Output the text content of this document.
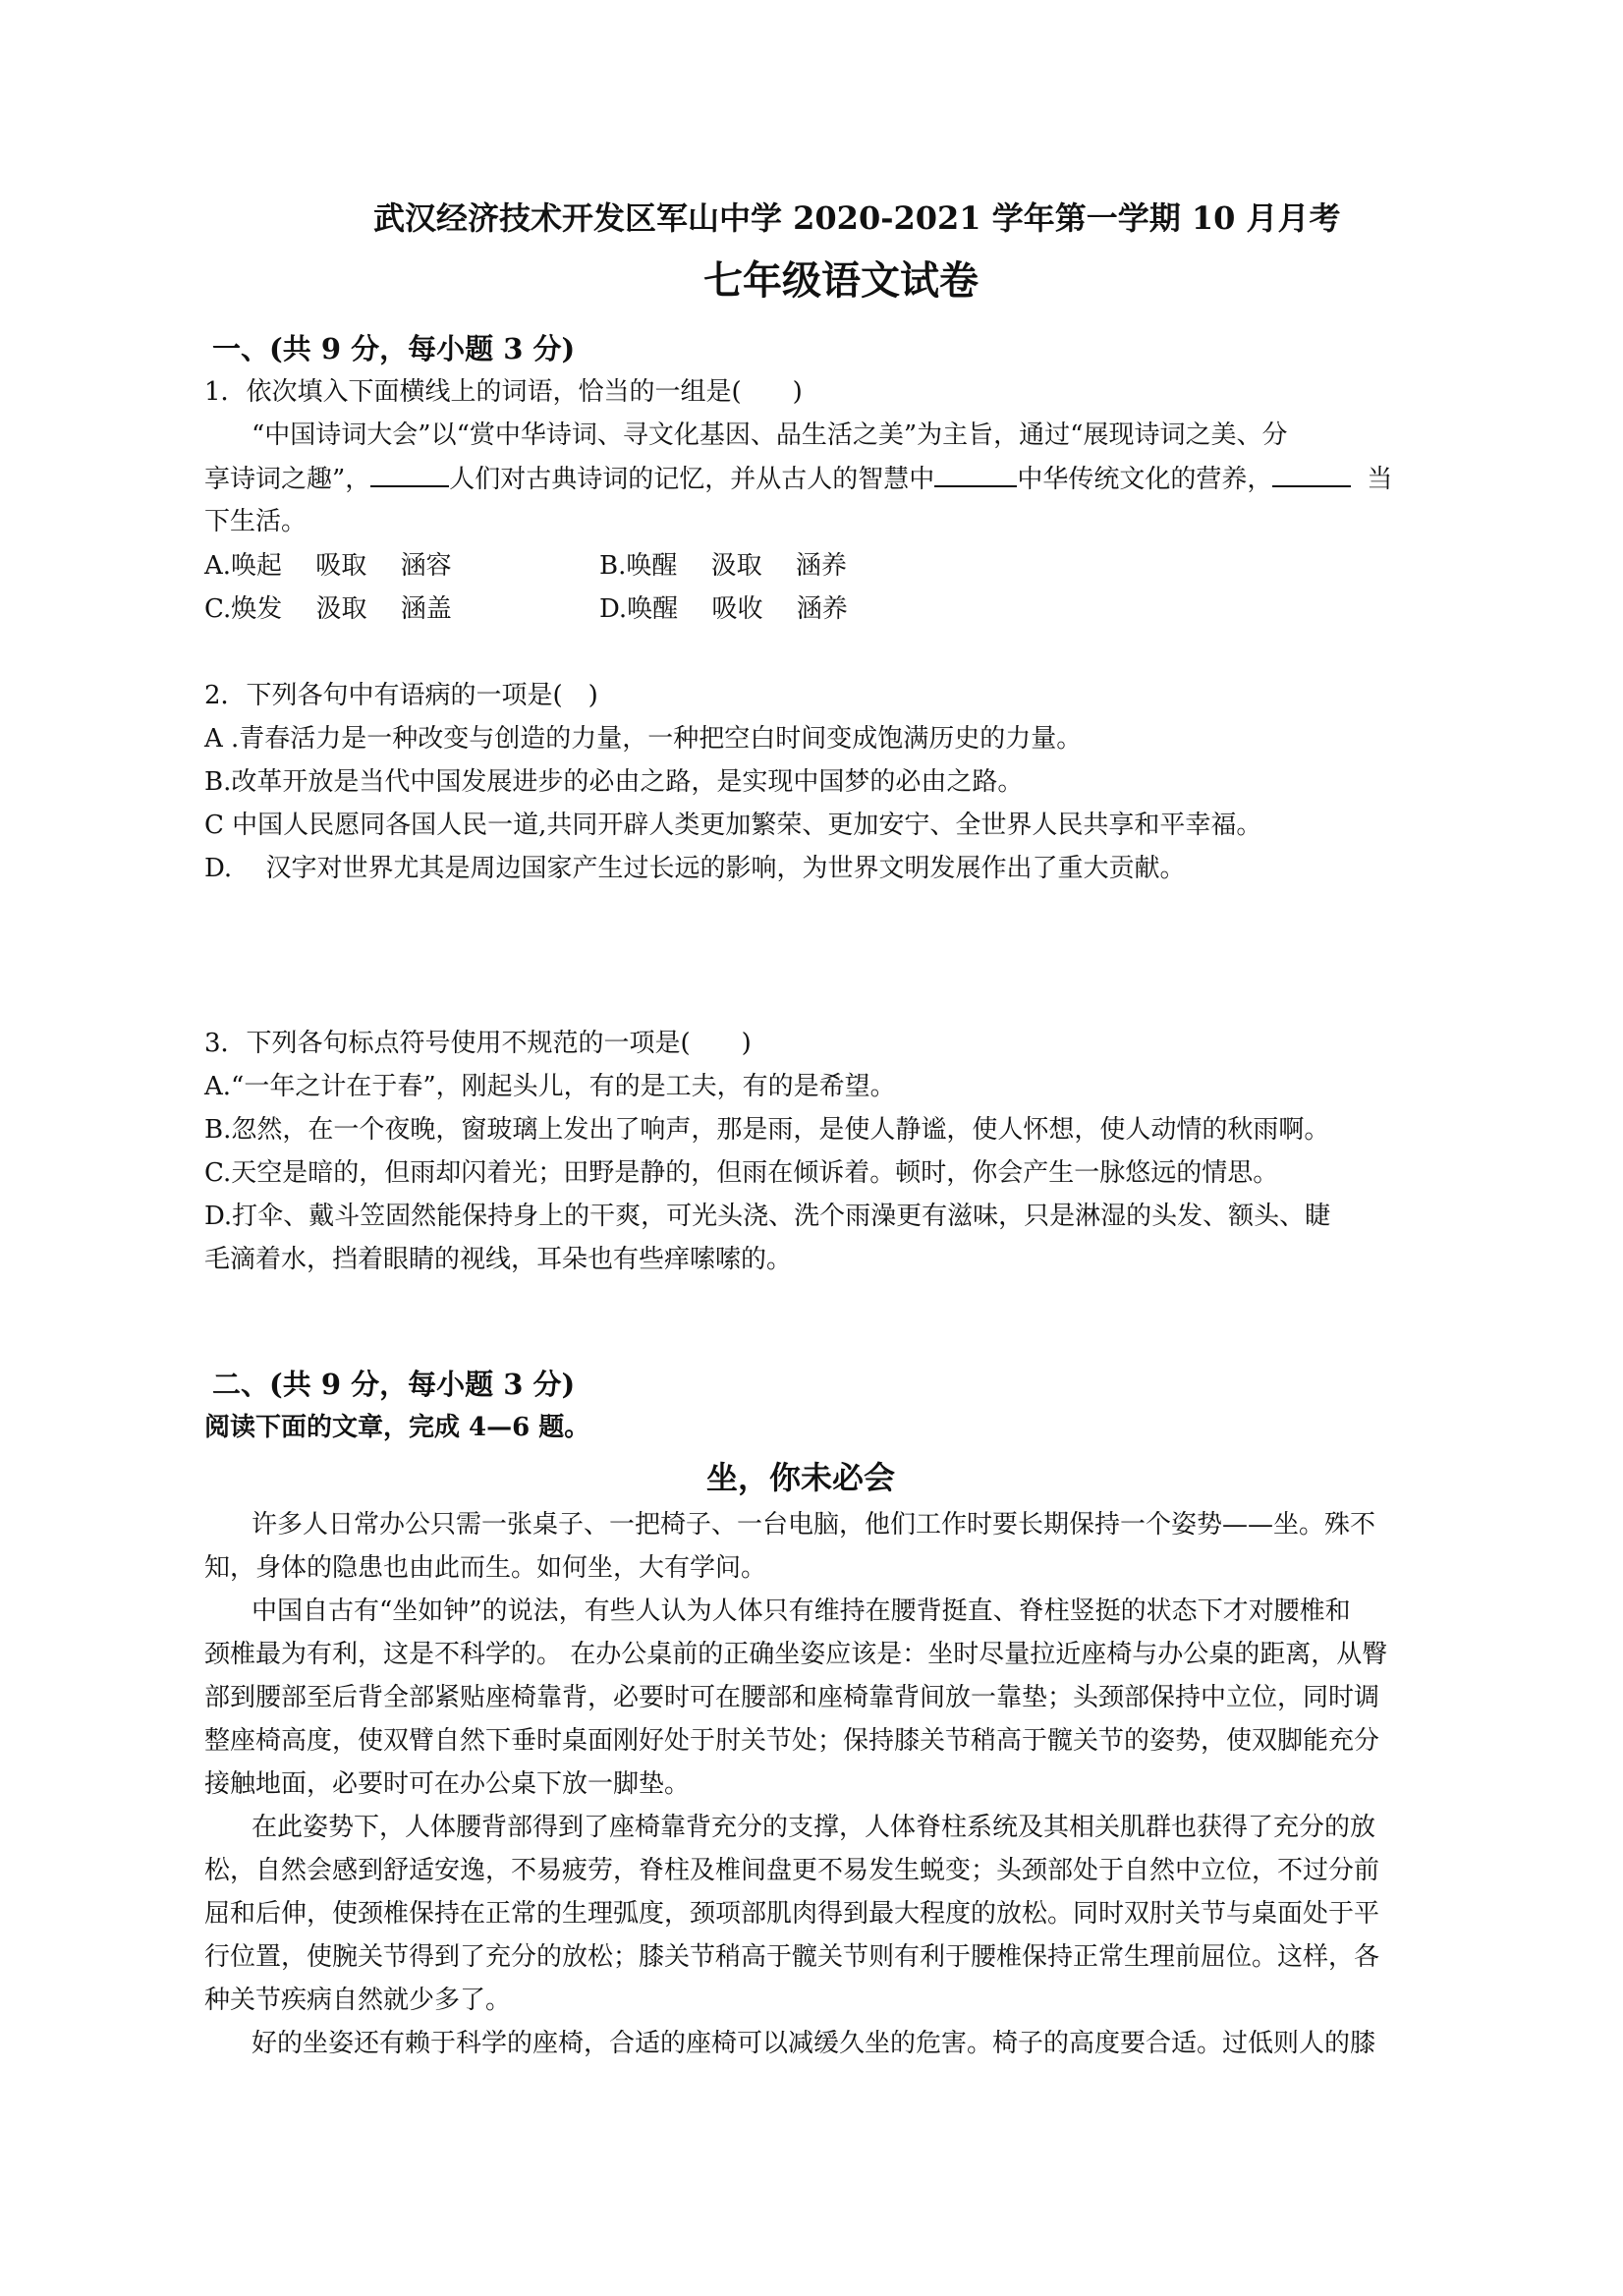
武汉经济技术开发区军山中学 2020-2021 学年第一学期 10 月月考
七年级语文试卷
一、(共 9 分，每小题 3 分)
1．依次填入下面横线上的词语，恰当的一组是(　　)
“中国诗词大会”以“赏中华诗词、寻文化基因、品生活之美”为主旨，通过“展现诗词之美、分
享诗词之趣”，	人们对古典诗词的记忆，并从古人的智慧中	中华传统文化的营养，	当
下生活。
A.唤起　 吸取　 涵容	B.唤醒　 汲取　 涵养
C.焕发　 汲取　 涵盖	D.唤醒　 吸收　 涵养
2．下列各句中有语病的一项是(　)
A .青春活力是一种改变与创造的力量，一种把空白时间变成饱满历史的力量。
B.改革开放是当代中国发展进步的必由之路，是实现中国梦的必由之路。
C 中国人民愿同各国人民一道,共同开辟人类更加繁荣、更加安宁、全世界人民共享和平幸福。
D.　 汉字对世界尤其是周边国家产生过长远的影响，为世界文明发展作出了重大贡献。
3．下列各句标点符号使用不规范的一项是(　　)
A.“一年之计在于春”，刚起头儿，有的是工夫，有的是希望。
B.忽然，在一个夜晚，窗玻璃上发出了响声，那是雨，是使人静谧，使人怀想，使人动情的秋雨啊。
C.天空是暗的，但雨却闪着光；田野是静的，但雨在倾诉着。顿时，你会产生一脉悠远的情思。
D.打伞、戴斗笠固然能保持身上的干爽，可光头浇、洗个雨澡更有滋味，只是淋湿的头发、额头、睫
毛滴着水，挡着眼睛的视线，耳朵也有些痒嗦嗦的。
二、(共 9 分，每小题 3 分)
阅读下面的文章，完成 4—6 题。
坐，你未必会
许多人日常办公只需一张桌子、一把椅子、一台电脑，他们工作时要长期保持一个姿势——坐。殊不
知，身体的隐患也由此而生。如何坐，大有学问。
中国自古有“坐如钟”的说法，有些人认为人体只有维持在腰背挺直、脊柱竖挺的状态下才对腰椎和
颈椎最为有利，这是不科学的。 在办公桌前的正确坐姿应该是：坐时尽量拉近座椅与办公桌的距离，从臀
部到腰部至后背全部紧贴座椅靠背，必要时可在腰部和座椅靠背间放一靠垫；头颈部保持中立位，同时调
整座椅高度，使双臂自然下垂时桌面刚好处于肘关节处；保持膝关节稍高于髋关节的姿势，使双脚能充分
接触地面，必要时可在办公桌下放一脚垫。
在此姿势下，人体腰背部得到了座椅靠背充分的支撑，人体脊柱系统及其相关肌群也获得了充分的放
松，自然会感到舒适安逸，不易疲劳，脊柱及椎间盘更不易发生蜕变；头颈部处于自然中立位，不过分前
屈和后伸，使颈椎保持在正常的生理弧度，颈项部肌肉得到最大程度的放松。同时双肘关节与桌面处于平
行位置，使腕关节得到了充分的放松；膝关节稍高于髋关节则有利于腰椎保持正常生理前屈位。这样，各
种关节疾病自然就少多了。
好的坐姿还有赖于科学的座椅，合适的座椅可以减缓久坐的危害。椅子的高度要合适。过低则人的膝
